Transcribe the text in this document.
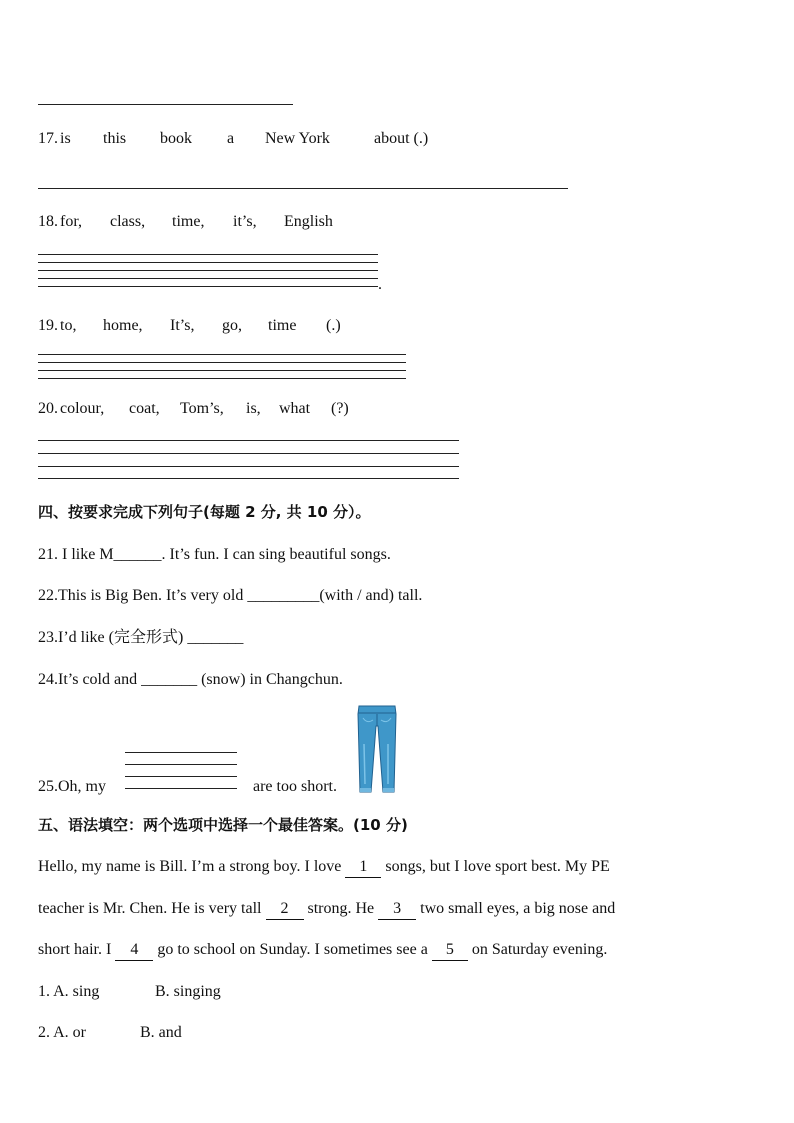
17. is this book a New York	about (.)
18. for, class, time, it’s, English
.
19. to, home, It’s, go, time (.)
20. colour, coat, Tom’s, is, what (?)
四、按要求完成下列句子(每题 2 分, 共 10 分）。
21. I like M______. It’s fun. I can sing beautiful songs.
22.This is Big Ben. It’s very old _________(with / and) tall.
23.I’d like (完全形式) _______
24.It’s cold and _______ (snow) in Changchun.
25.Oh, my	are too short.
五、语法填空：两个选项中选择一个最佳答案。(10 分)
Hello, my name is Bill. I’m a strong boy. I love 1 songs, but I love sport best. My PE
teacher is Mr. Chen. He is very tall 2 strong. He 3 two small eyes, a big nose and
short hair. I 4 go to school on Sunday. I sometimes see a 5 on Saturday evening.
1. A. sing	B. singing
2. A. or	B. and
